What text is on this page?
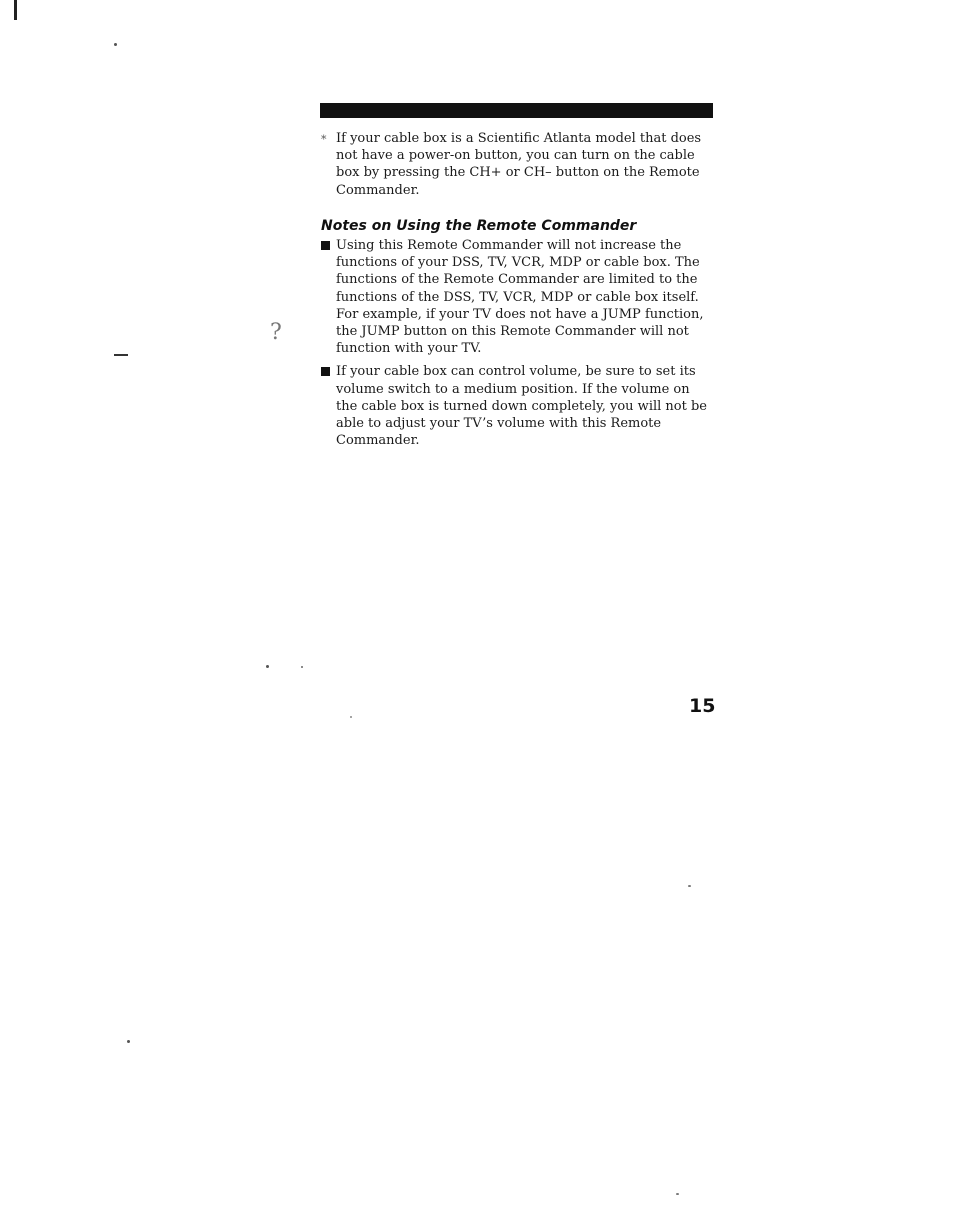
?
* If your cable box is a Scientific Atlanta model that does not have a power-on button, you can turn on the cable box by pressing the CH+ or CH– button on the Remote Commander.
Notes on Using the Remote Commander
Using this Remote Commander will not increase the functions of your DSS, TV, VCR, MDP or cable box. The functions of the Remote Commander are limited to the functions of the DSS, TV, VCR, MDP or cable box itself. For example, if your TV does not have a JUMP function, the JUMP button on this Remote Commander will not function with your TV.
If your cable box can control volume, be sure to set its volume switch to a medium position. If the volume on the cable box is turned down completely, you will not be able to adjust your TV’s volume with this Remote Commander.
15
